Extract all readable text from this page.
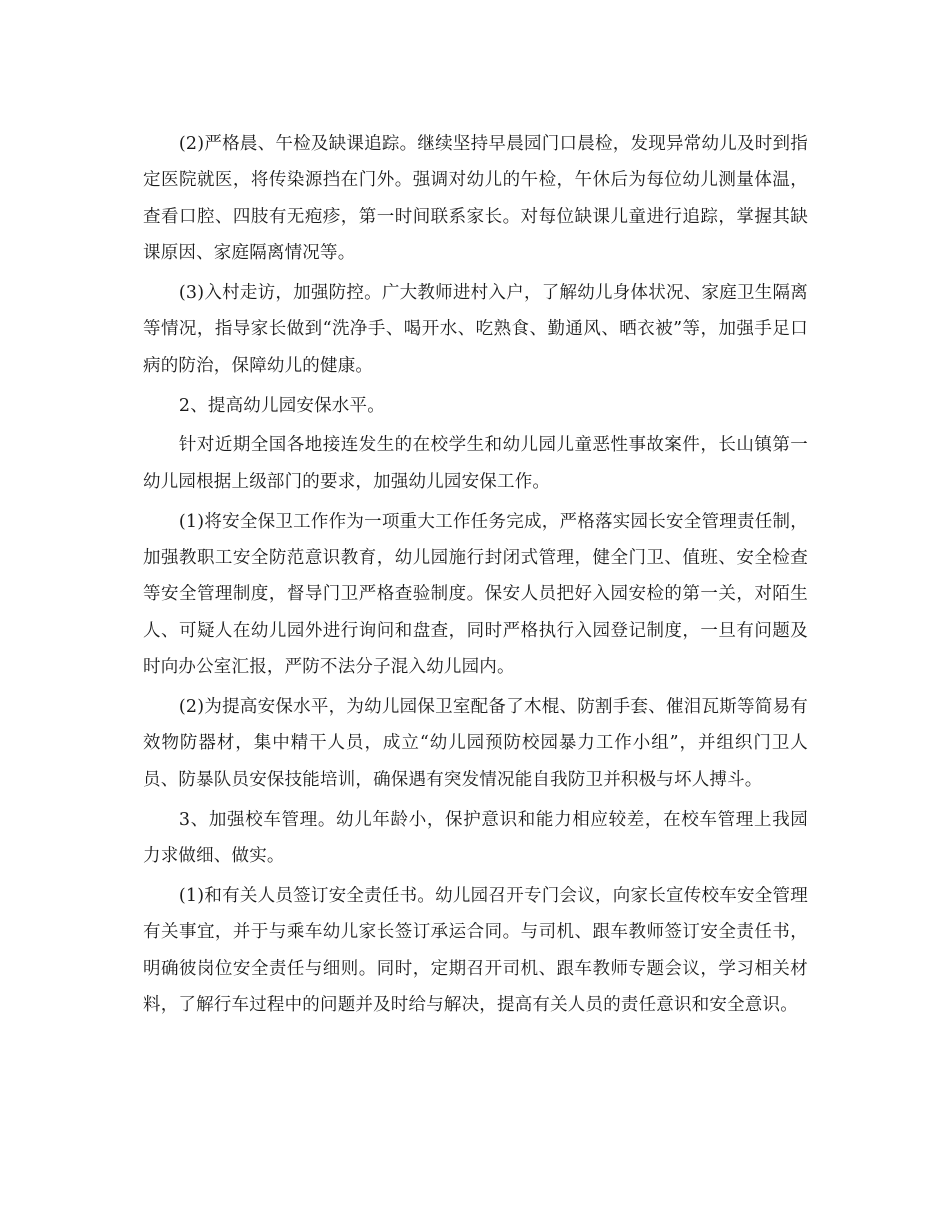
(2)严格晨、午检及缺课追踪。继续坚持早晨园门口晨检，发现异常幼儿及时到指定医院就医，将传染源挡在门外。强调对幼儿的午检，午休后为每位幼儿测量体温，查看口腔、四肢有无疱疹，第一时间联系家长。对每位缺课儿童进行追踪，掌握其缺课原因、家庭隔离情况等。

(3)入村走访，加强防控。广大教师进村入户，了解幼儿身体状况、家庭卫生隔离等情况，指导家长做到“洗净手、喝开水、吃熟食、勤通风、晒衣被”等，加强手足口病的防治，保障幼儿的健康。

2、提高幼儿园安保水平。

针对近期全国各地接连发生的在校学生和幼儿园儿童恶性事故案件，长山镇第一幼儿园根据上级部门的要求，加强幼儿园安保工作。

(1)将安全保卫工作作为一项重大工作任务完成，严格落实园长安全管理责任制，加强教职工安全防范意识教育，幼儿园施行封闭式管理，健全门卫、值班、安全检查等安全管理制度，督导门卫严格查验制度。保安人员把好入园安检的第一关，对陌生人、可疑人在幼儿园外进行询问和盘查，同时严格执行入园登记制度，一旦有问题及时向办公室汇报，严防不法分子混入幼儿园内。

(2)为提高安保水平，为幼儿园保卫室配备了木棍、防割手套、催泪瓦斯等简易有效物防器材，集中精干人员，成立“幼儿园预防校园暴力工作小组”，并组织门卫人员、防暴队员安保技能培训，确保遇有突发情况能自我防卫并积极与坏人搏斗。

3、加强校车管理。幼儿年龄小，保护意识和能力相应较差，在校车管理上我园力求做细、做实。

(1)和有关人员签订安全责任书。幼儿园召开专门会议，向家长宣传校车安全管理有关事宜，并于与乘车幼儿家长签订承运合同。与司机、跟车教师签订安全责任书，明确彼岗位安全责任与细则。同时，定期召开司机、跟车教师专题会议，学习相关材料，了解行车过程中的问题并及时给与解决，提高有关人员的责任意识和安全意识。
